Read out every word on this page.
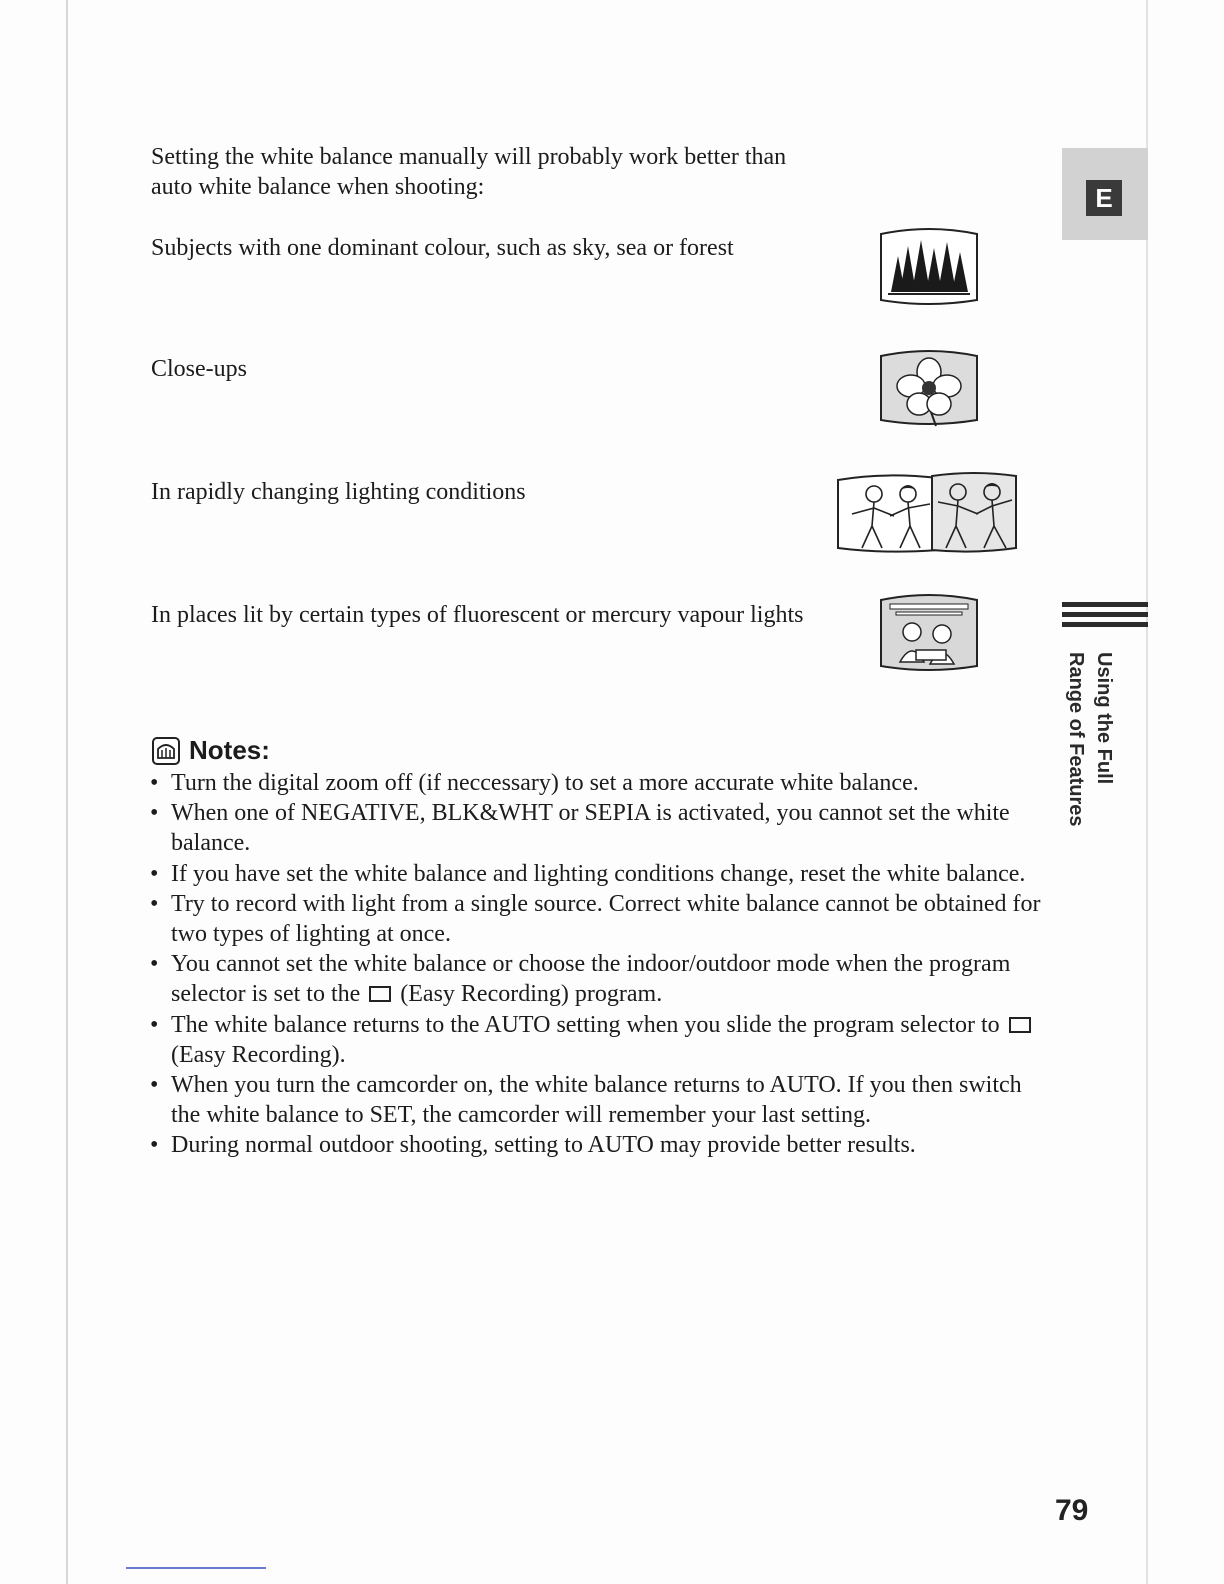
Setting the white balance manually will probably work better than auto white balance when shooting:

Subjects with one dominant colour, such as sky, sea or forest

Close-ups

In rapidly changing lighting conditions

In places lit by certain types of fluorescent or mercury vapour lights

Notes:
• Turn the digital zoom off (if neccessary) to set a more accurate white balance.
• When one of NEGATIVE, BLK&WHT or SEPIA is activated, you cannot set the white balance.
• If you have set the white balance and lighting conditions change, reset the white balance.
• Try to record with light from a single source. Correct white balance cannot be obtained for two types of lighting at once.
• You cannot set the white balance or choose the indoor/outdoor mode when the program selector is set to the (Easy Recording) program.
• The white balance returns to the AUTO setting when you slide the program selector to  (Easy Recording).
• When you turn the camcorder on, the white balance returns to AUTO. If you then switch the white balance to SET, the camcorder will remember your last setting.
• During normal outdoor shooting, setting to AUTO may provide better results.
E
Using the Full
Range of Features
79
